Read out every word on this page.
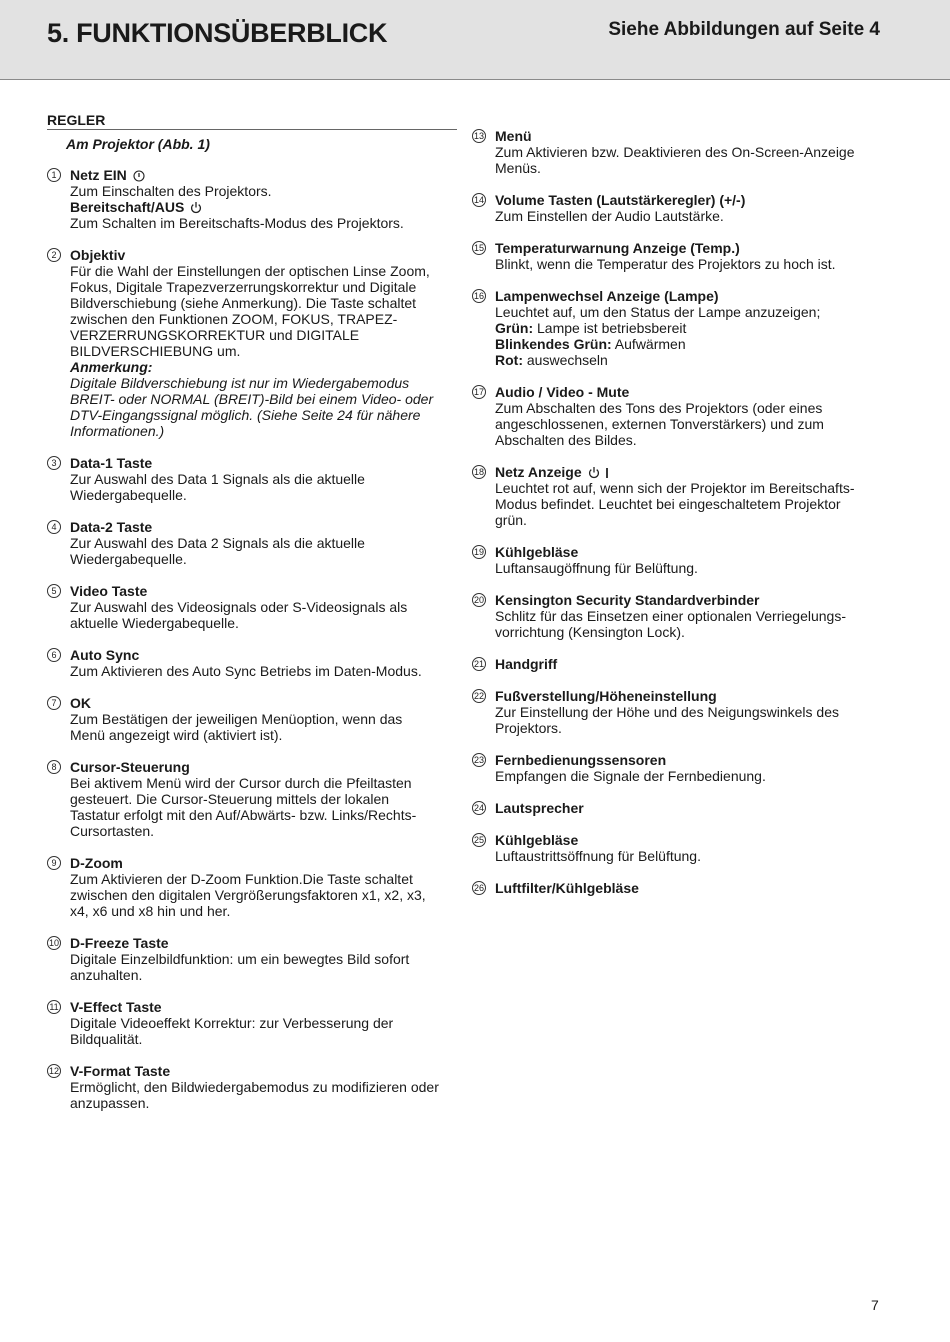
5. FUNKTIONSÜBERBLICK	Siehe Abbildungen auf Seite 4
REGLER
Am Projektor (Abb. 1)
1 Netz EIN
Zum Einschalten des Projektors.
Bereitschaft/AUS
Zum Schalten im Bereitschafts-Modus des Projektors.
2 Objektiv
Für die Wahl der Einstellungen der optischen Linse Zoom,
Fokus, Digitale Trapezverzerrungskorrektur und Digitale
Bildverschiebung (siehe Anmerkung). Die Taste schaltet
zwischen den Funktionen ZOOM, FOKUS, TRAPEZ-
VERZERRUNGSKORREKTUR und DIGITALE
BILDVERSCHIEBUNG um.
Anmerkung:
Digitale Bildverschiebung ist nur im Wiedergabemodus
BREIT- oder NORMAL (BREIT)-Bild bei einem Video- oder
DTV-Eingangssignal möglich. (Siehe Seite 24 für nähere
Informationen.)
3 Data-1 Taste
Zur Auswahl des Data 1 Signals als die aktuelle
Wiedergabequelle.
4 Data-2 Taste
Zur Auswahl des Data 2 Signals als die aktuelle
Wiedergabequelle.
5 Video Taste
Zur Auswahl des Videosignals oder S-Videosignals als
aktuelle Wiedergabequelle.
6 Auto Sync
Zum Aktivieren des Auto Sync Betriebs im Daten-Modus.
7 OK
Zum Bestätigen der jeweiligen Menüoption, wenn das
Menü angezeigt wird (aktiviert ist).
8 Cursor-Steuerung
Bei aktivem Menü wird der Cursor durch die Pfeiltasten
gesteuert. Die Cursor-Steuerung mittels der lokalen
Tastatur erfolgt mit den Auf/Abwärts- bzw. Links/Rechts-
Cursortasten.
9 D-Zoom
Zum Aktivieren der D-Zoom Funktion.Die Taste schaltet
zwischen den digitalen Vergrößerungsfaktoren x1, x2, x3,
x4, x6 und x8 hin und her.
10 D-Freeze Taste
Digitale Einzelbildfunktion: um ein bewegtes Bild sofort
anzuhalten.
11 V-Effect Taste
Digitale Videoeffekt Korrektur: zur Verbesserung der
Bildqualität.
12 V-Format Taste
Ermöglicht, den Bildwiedergabemodus zu modifizieren oder
anzupassen.
13 Menü
Zum Aktivieren bzw. Deaktivieren des On-Screen-Anzeige
Menüs.
14 Volume Tasten (Lautstärkeregler) (+/-)
Zum Einstellen der Audio Lautstärke.
15 Temperaturwarnung Anzeige (Temp.)
Blinkt, wenn die Temperatur des Projektors zu hoch ist.
16 Lampenwechsel Anzeige (Lampe)
Leuchtet auf, um den Status der Lampe anzuzeigen;
Grün: Lampe ist betriebsbereit
Blinkendes Grün: Aufwärmen
Rot: auswechseln
17 Audio / Video - Mute
Zum Abschalten des Tons des Projektors (oder eines
angeschlossenen, externen Tonverstärkers) und zum
Abschalten des Bildes.
18 Netz Anzeige
Leuchtet rot auf, wenn sich der Projektor im Bereitschafts-
Modus befindet. Leuchtet bei eingeschaltetem Projektor
grün.
19 Kühlgebläse
Luftansaugöffnung für Belüftung.
20 Kensington Security Standardverbinder
Schlitz für das Einsetzen einer optionalen Verriegelungs-
vorrichtung (Kensington Lock).
21 Handgriff
22 Fußverstellung/Höheneinstellung
Zur Einstellung der Höhe und des Neigungswinkels des
Projektors.
23 Fernbedienungssensoren
Empfangen die Signale der Fernbedienung.
24 Lautsprecher
25 Kühlgebläse
Luftaustrittsöffnung für Belüftung.
26 Luftfilter/Kühlgebläse
7
